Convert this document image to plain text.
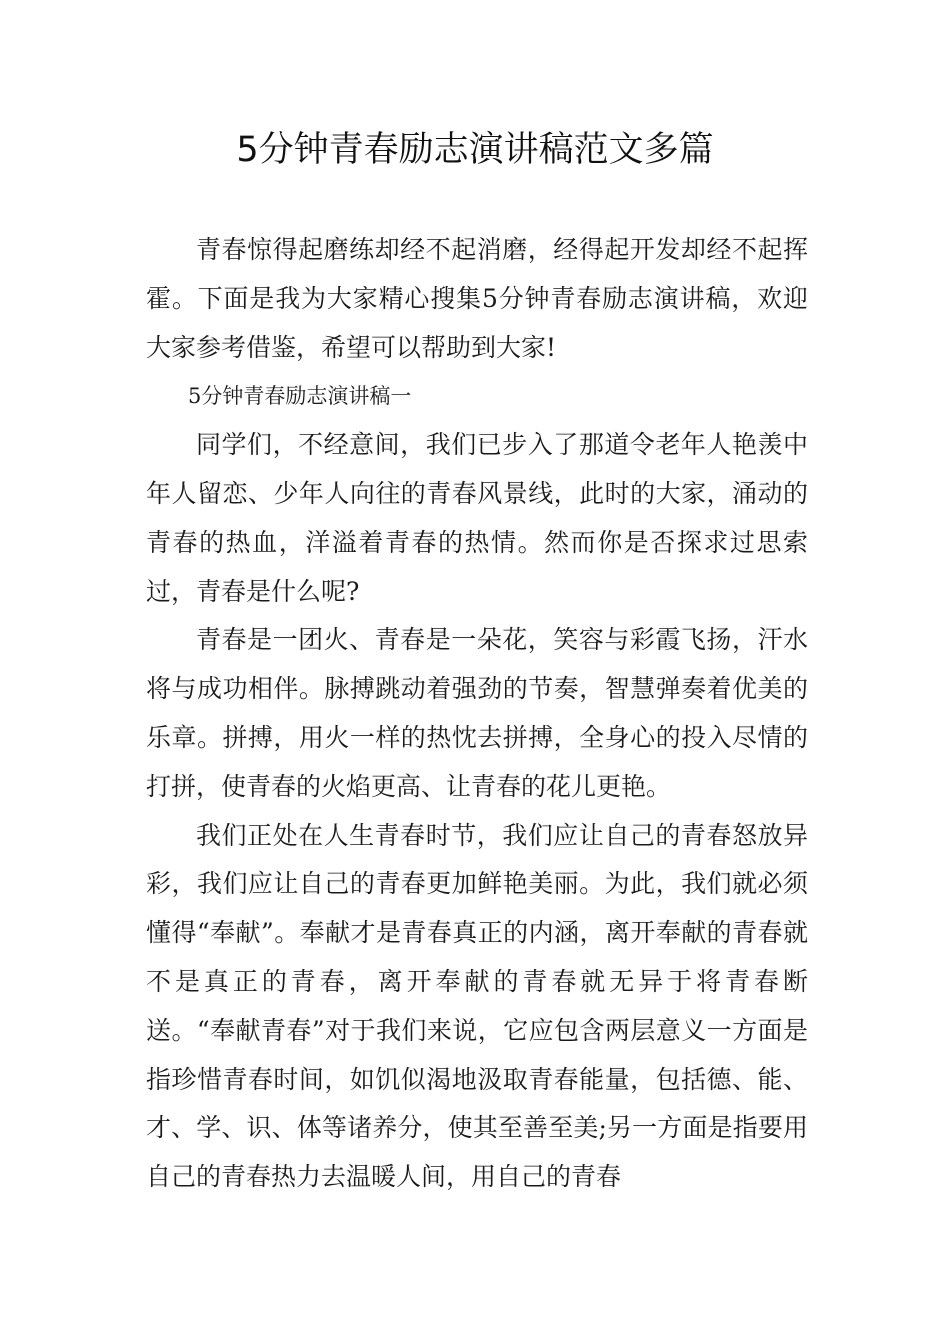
5分钟青春励志演讲稿范文多篇

青春惊得起磨练却经不起消磨，经得起开发却经不起挥霍。下面是我为大家精心搜集5分钟青春励志演讲稿，欢迎大家参考借鉴，希望可以帮助到大家!

5分钟青春励志演讲稿一

同学们，不经意间，我们已步入了那道令老年人艳羡中年人留恋、少年人向往的青春风景线，此时的大家，涌动的青春的热血，洋溢着青春的热情。然而你是否探求过思索过，青春是什么呢?

青春是一团火、青春是一朵花，笑容与彩霞飞扬，汗水将与成功相伴。脉搏跳动着强劲的节奏，智慧弹奏着优美的乐章。拼搏，用火一样的热忱去拼搏，全身心的投入尽情的打拼，使青春的火焰更高、让青春的花儿更艳。

我们正处在人生青春时节，我们应让自己的青春怒放异彩，我们应让自己的青春更加鲜艳美丽。为此，我们就必须懂得“奉献”。奉献才是青春真正的内涵，离开奉献的青春就不是真正的青春，离开奉献的青春就无异于将青春断送。“奉献青春”对于我们来说，它应包含两层意义一方面是指珍惜青春时间，如饥似渴地汲取青春能量，包括德、能、才、学、识、体等诸养分，使其至善至美;另一方面是指要用自己的青春热力去温暖人间，用自己的青春
